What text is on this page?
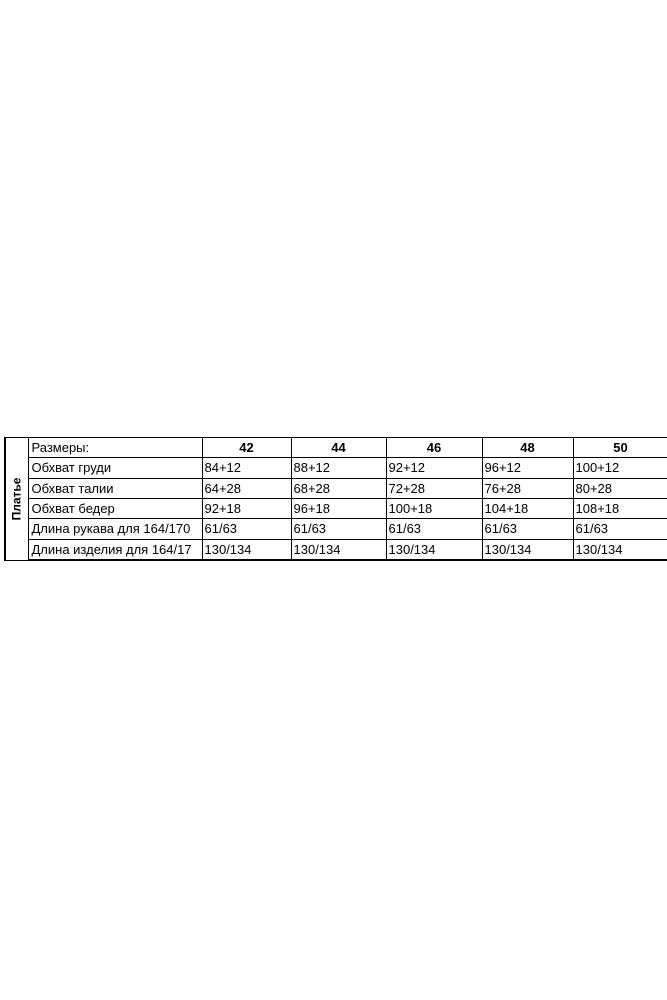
Платье	Размеры:	42	44	46	48	50
	Обхват груди	84+12	88+12	92+12	96+12	100+12
	Обхват талии	64+28	68+28	72+28	76+28	80+28
	Обхват бедер	92+18	96+18	100+18	104+18	108+18
	Длина рукава для 164/170	61/63	61/63	61/63	61/63	61/63
	Длина изделия для 164/17	130/134	130/134	130/134	130/134	130/134
